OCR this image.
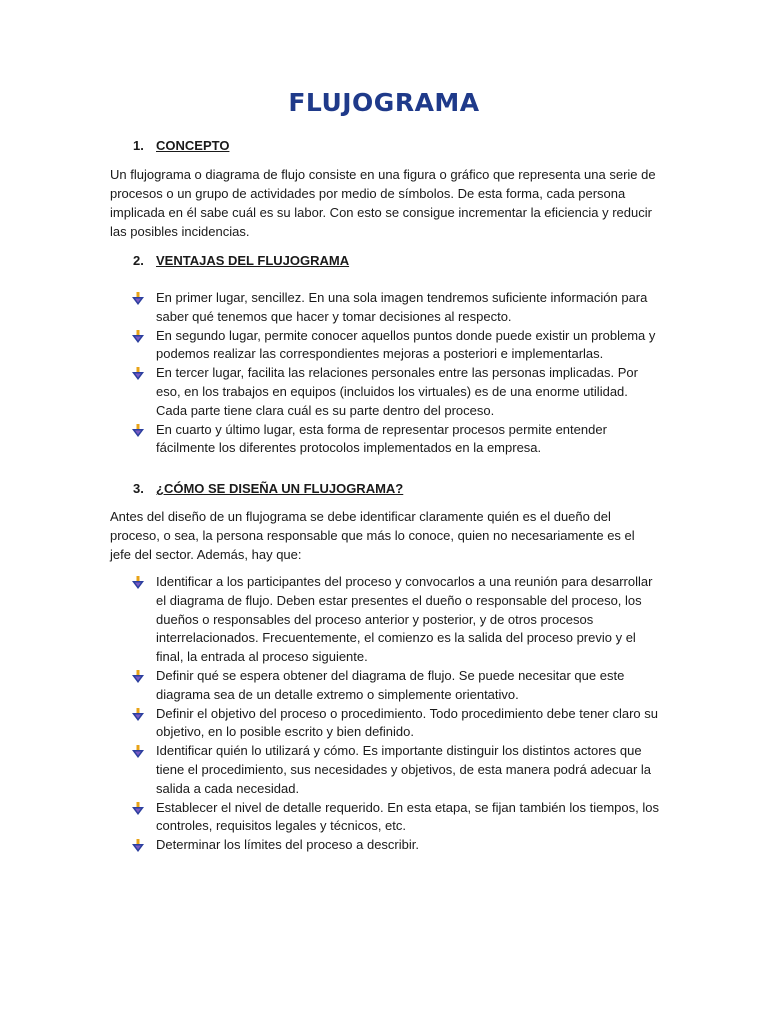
FLUJOGRAMA
1. CONCEPTO

Un flujograma o diagrama de flujo consiste en una figura o gráfico que representa una serie de procesos o un grupo de actividades por medio de símbolos. De esta forma, cada persona implicada en él sabe cuál es su labor. Con esto se consigue incrementar la eficiencia y reducir las posibles incidencias.

2. VENTAJAS DEL FLUJOGRAMA
En primer lugar, sencillez. En una sola imagen tendremos suficiente información para saber qué tenemos que hacer y tomar decisiones al respecto.
En segundo lugar, permite conocer aquellos puntos donde puede existir un problema y podemos realizar las correspondientes mejoras a posteriori e implementarlas.
En tercer lugar, facilita las relaciones personales entre las personas implicadas. Por eso, en los trabajos en equipos (incluidos los virtuales) es de una enorme utilidad. Cada parte tiene clara cuál es su parte dentro del proceso.
En cuarto y último lugar, esta forma de representar procesos permite entender fácilmente los diferentes protocolos implementados en la empresa.
3. ¿CÓMO SE DISEÑA UN FLUJOGRAMA?

Antes del diseño de un flujograma se debe identificar claramente quién es el dueño del proceso, o sea, la persona responsable que más lo conoce, quien no necesariamente es el jefe del sector. Además, hay que:

Identificar a los participantes del proceso y convocarlos a una reunión para desarrollar el diagrama de flujo. Deben estar presentes el dueño o responsable del proceso, los dueños o responsables del proceso anterior y posterior, y de otros procesos interrelacionados. Frecuentemente, el comienzo es la salida del proceso previo y el final, la entrada al proceso siguiente.
Definir qué se espera obtener del diagrama de flujo. Se puede necesitar que este diagrama sea de un detalle extremo o simplemente orientativo.
Definir el objetivo del proceso o procedimiento. Todo procedimiento debe tener claro su objetivo, en lo posible escrito y bien definido.
Identificar quién lo utilizará y cómo. Es importante distinguir los distintos actores que tiene el procedimiento, sus necesidades y objetivos, de esta manera podrá adecuar la salida a cada necesidad.
Establecer el nivel de detalle requerido. En esta etapa, se fijan también los tiempos, los controles, requisitos legales y técnicos, etc.
Determinar los límites del proceso a describir.
